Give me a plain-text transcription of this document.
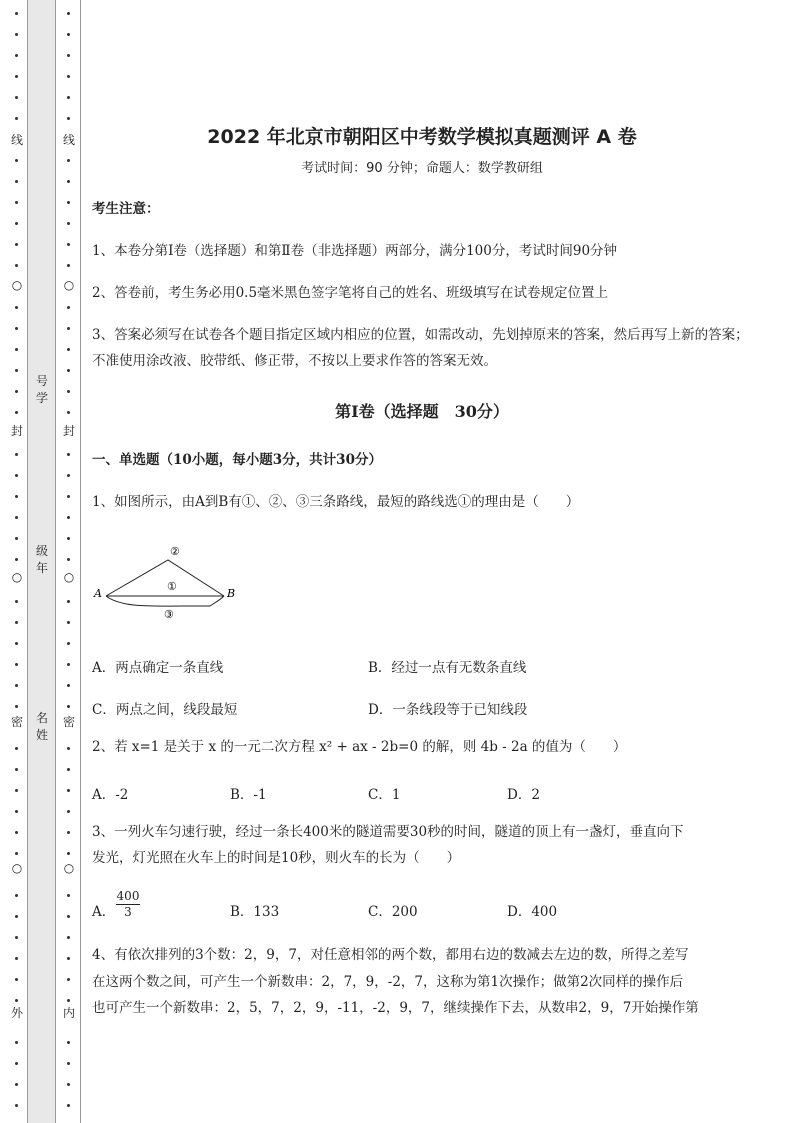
线
○
封
○
密
○
外
号学
级年
名姓
线
○
封
○
密
○
内
2022 年北京市朝阳区中考数学模拟真题测评 A 卷
考试时间：90 分钟；命题人：数学教研组
考生注意：
1、本卷分第Ⅰ卷（选择题）和第Ⅱ卷（非选择题）两部分，满分100分，考试时间90分钟
2、答卷前，考生务必用0.5毫米黑色签字笔将自己的姓名、班级填写在试卷规定位置上
3、答案必须写在试卷各个题目指定区域内相应的位置，如需改动，先划掉原来的答案，然后再写上新的答案；不准使用涂改液、胶带纸、修正带，不按以上要求作答的答案无效。
第Ⅰ卷（选择题　30分）
一、单选题（10小题，每小题3分，共计30分）
1、如图所示，由A到B有①、②、③三条路线，最短的路线选①的理由是（　　）
②
A	B
①
③
A．两点确定一条直线	B．经过一点有无数条直线
C．两点之间，线段最短	D．一条线段等于已知线段
2、若 x=1 是关于 x 的一元二次方程 x² + ax - 2b=0 的解，则 4b - 2a 的值为（　　）
A．-2	B．-1	C．1	D．2
3、一列火车匀速行驶，经过一条长400米的隧道需要30秒的时间，隧道的顶上有一盏灯，垂直向下
发光，灯光照在火车上的时间是10秒，则火车的长为（　　）
A． $\frac{400}{3}$	B．133	C．200	D．400
4、有依次排列的3个数：2，9，7，对任意相邻的两个数，都用右边的数减去左边的数，所得之差写
在这两个数之间，可产生一个新数串：2，7，9，-2，7，这称为第1次操作；做第2次同样的操作后
也可产生一个新数串：2，5，7，2，9，-11，-2，9，7，继续操作下去，从数串2，9，7开始操作第
